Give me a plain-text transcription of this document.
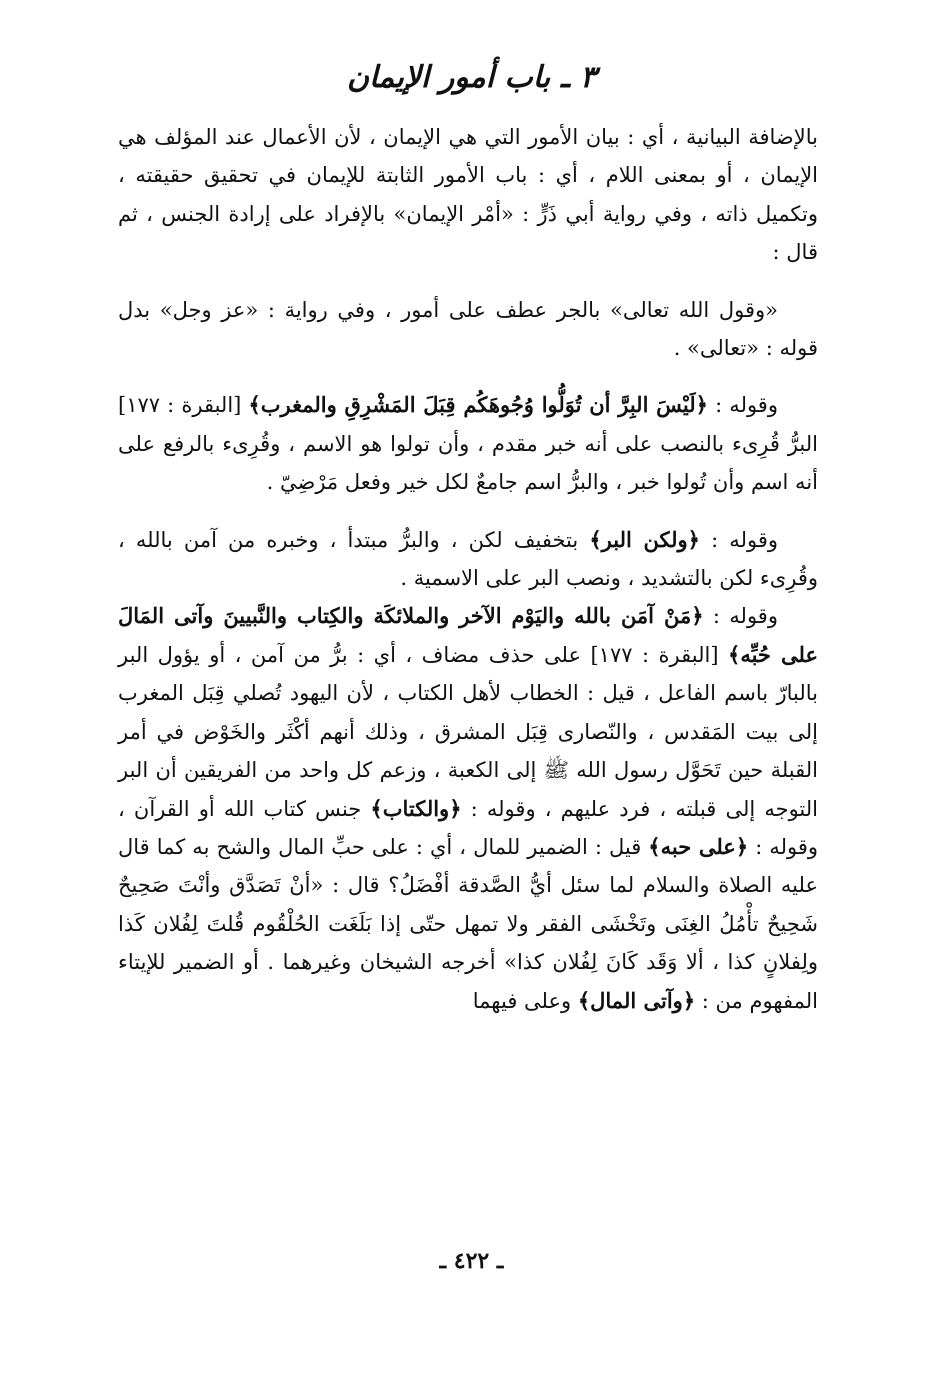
٣ ـ باب أمور الإيمان

بالإضافة البيانية ، أي : بيان الأمور التي هي الإيمان ، لأن الأعمال عند المؤلف هي الإيمان ، أو بمعنى اللام ، أي : باب الأمور الثابتة للإيمان في تحقيق حقيقته ، وتكميل ذاته ، وفي رواية أبي ذَرٍّ : «أمْر الإيمان» بالإفراد على إرادة الجنس ، ثم قال :

«وقول الله تعالى» بالجر عطف على أمور ، وفي رواية : «عز وجل» بدل قوله : «تعالى» .

وقوله : ﴿لَيْسَ البِرَّ أن تُوَلُّوا وُجُوهَكُم قِبَلَ المَشْرِقِ والمغرب﴾ [البقرة : ١٧٧] البرُّ قُرِىء بالنصب على أنه خبر مقدم ، وأن تولوا هو الاسم ، وقُرِىء بالرفع على أنه اسم وأن تُولوا خبر ، والبرُّ اسم جامعٌ لكل خير وفعل مَرْضِيّ .

وقوله : ﴿ولكن البر﴾ بتخفيف لكن ، والبرُّ مبتدأ ، وخبره من آمن بالله ، وقُرِىء لكن بالتشديد ، ونصب البر على الاسمية .

وقوله : ﴿مَنْ آمَن بالله واليَوْم الآخر والملائكَة والكِتاب والنَّبيينَ وآتى المَالَ على حُبِّه﴾ [البقرة : ١٧٧] على حذف مضاف ، أي : برُّ من آمن ، أو يؤول البر بالبارّ باسم الفاعل ، قيل : الخطاب لأهل الكتاب ، لأن اليهود تُصلي قِبَل المغرب إلى بيت المَقدس ، والنّصارى قِبَل المشرق ، وذلك أنهم أكْثَر والخَوْض في أمر القبلة حين تَحَوَّل رسول الله ﷺ إلى الكعبة ، وزعم كل واحد من الفريقين أن البر التوجه إلى قبلته ، فرد عليهم ، وقوله : ﴿والكتاب﴾ جنس كتاب الله أو القرآن ، وقوله : ﴿على حبه﴾ قيل : الضمير للمال ، أي : على حبِّ المال والشح به كما قال عليه الصلاة والسلام لما سئل أيُّ الصَّدقة أفْضَلُ؟ قال : «أنْ تَصَدَّق وأنْتَ صَحِيحٌ شَحِيحٌ تأْمُلُ الغِنَى وتَخْشَى الفقر ولا تمهل حتّى إذا بَلَغَت الحُلْقُوم قُلتَ لِفُلان كَذا ولِفلانٍ كذا ، ألا وَقَد كَانَ لِفُلان كذا» أخرجه الشيخان وغيرهما . أو الضمير للإيتاء المفهوم من : ﴿وآتى المال﴾ وعلى فيهما

ـ ٤٢٢ ـ
